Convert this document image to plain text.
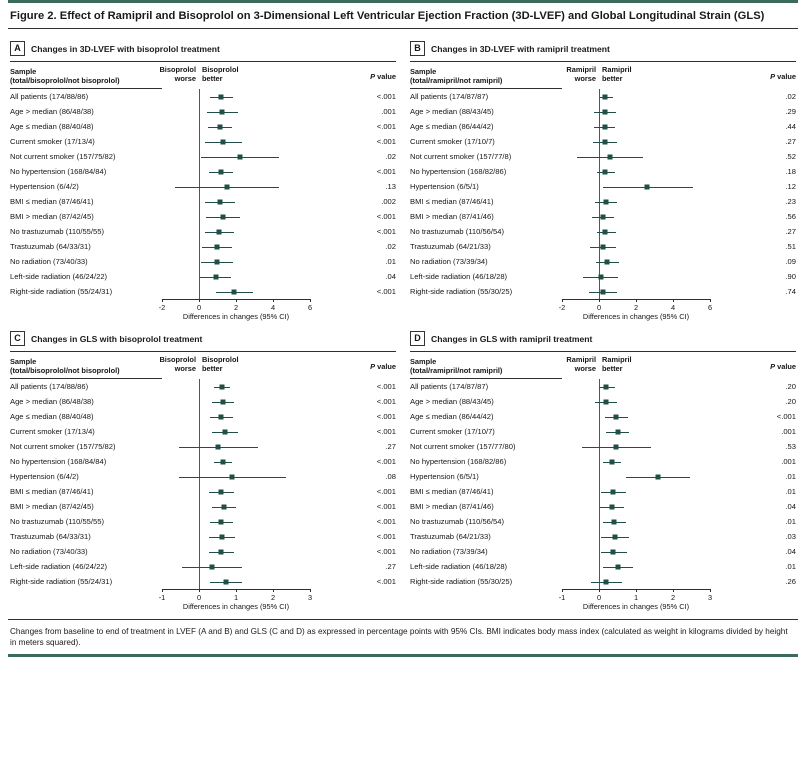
Figure 2. Effect of Ramipril and Bisoprolol on 3-Dimensional Left Ventricular Ejection Fraction (3D-LVEF) and Global Longitudinal Strain (GLS)
A	Changes in 3D-LVEF with bisoprolol treatment
Sample
(total/bisoprolol/not bisoprolol)

Bisoprolol
worse
Bisoprolol
better	P value

All patients (174/88/86)		<.001
Age > median (86/48/38)		.001
Age ≤ median (88/40/48)		<.001
Current smoker (17/13/4)		<.001
Not current smoker (157/75/82)		.02
No hypertension (168/84/84)		<.001
Hypertension (6/4/2)		.13
BMI ≤ median (87/46/41)		.002
BMI > median (87/42/45)		<.001
No trastuzumab (110/55/55)		<.001
Trastuzumab (64/33/31)		.02
No radiation (73/40/33)		.01
Left-side radiation (46/24/22)		.04
Right-side radiation (55/24/31)		<.001

-2	0	2	4	6
Differences in changes (95% CI)

B	Changes in 3D-LVEF with ramipril treatment
Sample
(total/ramipril/not ramipril)

Ramipril
worse
Ramipril
better	P value

All patients (174/87/87)		.02
Age > median (88/43/45)		.29
Age ≤ median (86/44/42)		.44
Current smoker (17/10/7)		.27
Not current smoker (157/77/8)		.52
No hypertension (168/82/86)		.18
Hypertension (6/5/1)		.12
BMI ≤ median (87/46/41)		.23
BMI > median (87/41/46)		.56
No trastuzumab (110/56/54)		.27
Trastuzumab (64/21/33)		.51
No radiation (73/39/34)		.09
Left-side radiation (46/18/28)		.90
Right-side radiation (55/30/25)		.74

-2	0	2	4	6
Differences in changes (95% CI)

C	Changes in GLS with bisoprolol treatment
Sample
(total/bisoprolol/not bisoprolol)

Bisoprolol
worse
Bisoprolol
better	P value

All patients (174/88/86)		<.001
Age > median (86/48/38)		<.001
Age ≤ median (88/40/48)		<.001
Current smoker (17/13/4)		<.001
Not current smoker (157/75/82)		.27
No hypertension (168/84/84)		<.001
Hypertension (6/4/2)		.08
BMI ≤ median (87/46/41)		<.001
BMI > median (87/42/45)		<.001
No trastuzumab (110/55/55)		<.001
Trastuzumab (64/33/31)		<.001
No radiation (73/40/33)		<.001
Left-side radiation (46/24/22)		.27
Right-side radiation (55/24/31)		<.001

-1	0	1	2	3
Differences in changes (95% CI)

D	Changes in GLS with ramipril treatment
Sample
(total/ramipril/not ramipril)

Ramipril
worse
Ramipril
better	P value

All patients (174/87/87)		.20
Age > median (88/43/45)		.20
Age ≤ median (86/44/42)		<.001
Current smoker (17/10/7)		.001
Not current smoker (157/77/80)		.53
No hypertension (168/82/86)		.001
Hypertension (6/5/1)		.01
BMI ≤ median (87/46/41)		.01
BMI > median (87/41/46)		.04
No trastuzumab (110/56/54)		.01
Trastuzumab (64/21/33)		.03
No radiation (73/39/34)		.04
Left-side radiation (46/18/28)		.01
Right-side radiation (55/30/25)		.26

-1	0	1	2	3
Differences in changes (95% CI)

Changes from baseline to end of treatment in LVEF (A and B) and GLS (C and D) as expressed in percentage points with 95% CIs. BMI indicates body mass index (calculated as weight in kilograms divided by height in meters squared).
